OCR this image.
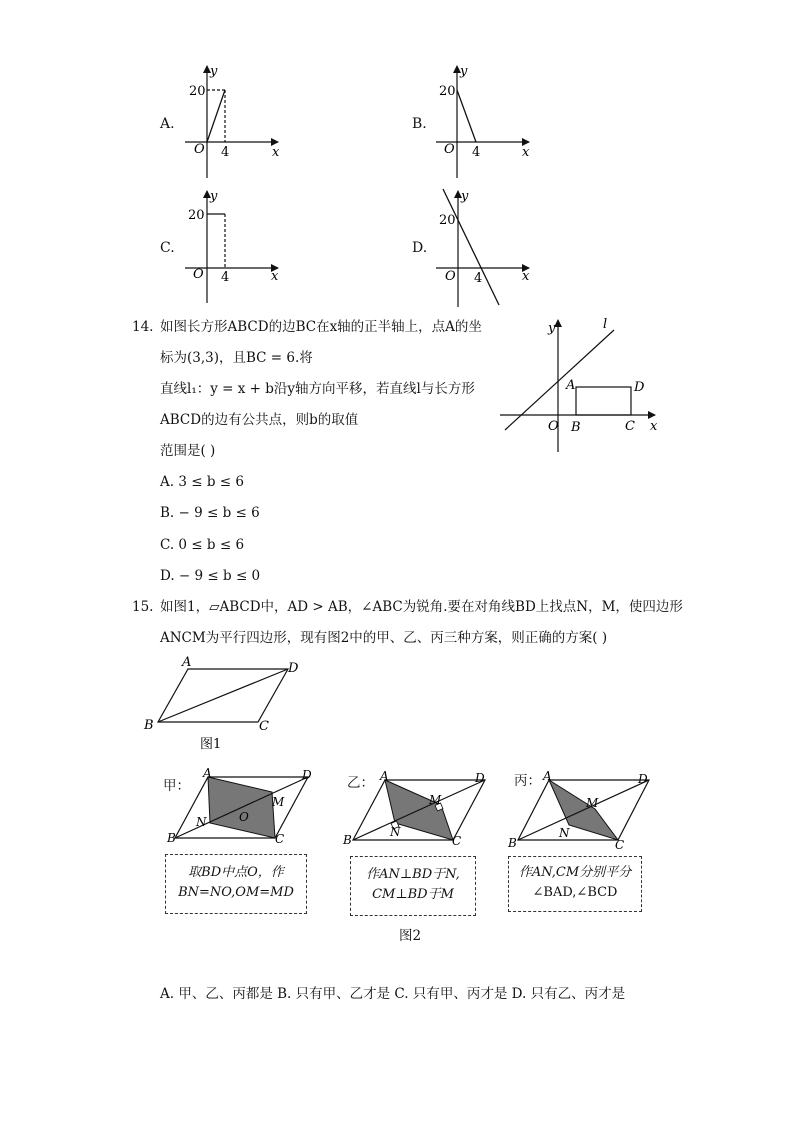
A.
20
O 4	x
y
B.
20
O 4	x
y
C.
20
O 4	x
y
D.
20
O 4	x
y
14. 如图长方形ABCD的边BC在x轴的正半轴上，点A的坐
标为(3,3)，且BC = 6.将
直线l₁：y = x + b沿y轴方向平移，若直线l与长方形
ABCD的边有公共点，则b的取值
范围是( )
A. 3 ≤ b ≤ 6
B. − 9 ≤ b ≤ 6
C. 0 ≤ b ≤ 6
D. − 9 ≤ b ≤ 0
y
x
l
A	D
O B	C
15. 如图1，▱ABCD中，AD > AB，∠ABC为锐角.要在对角线BD上找点N，M，使四边形
ANCM为平行四边形，现有图2中的甲、乙、丙三种方案，则正确的方案( )
A	D
B	C
图1
甲：
A	D
B	C
M
N	O
取BD中点O，作
BN=NO,OM=MD
乙： A	D
B	C
M
N
作AN⊥BD于N,
CM⊥BD于M
丙： A	D
B	C
M
N
作AN,CM分别平分
∠BAD,∠BCD
图2
A. 甲、乙、丙都是 B. 只有甲、乙才是 C. 只有甲、丙才是 D. 只有乙、丙才是
